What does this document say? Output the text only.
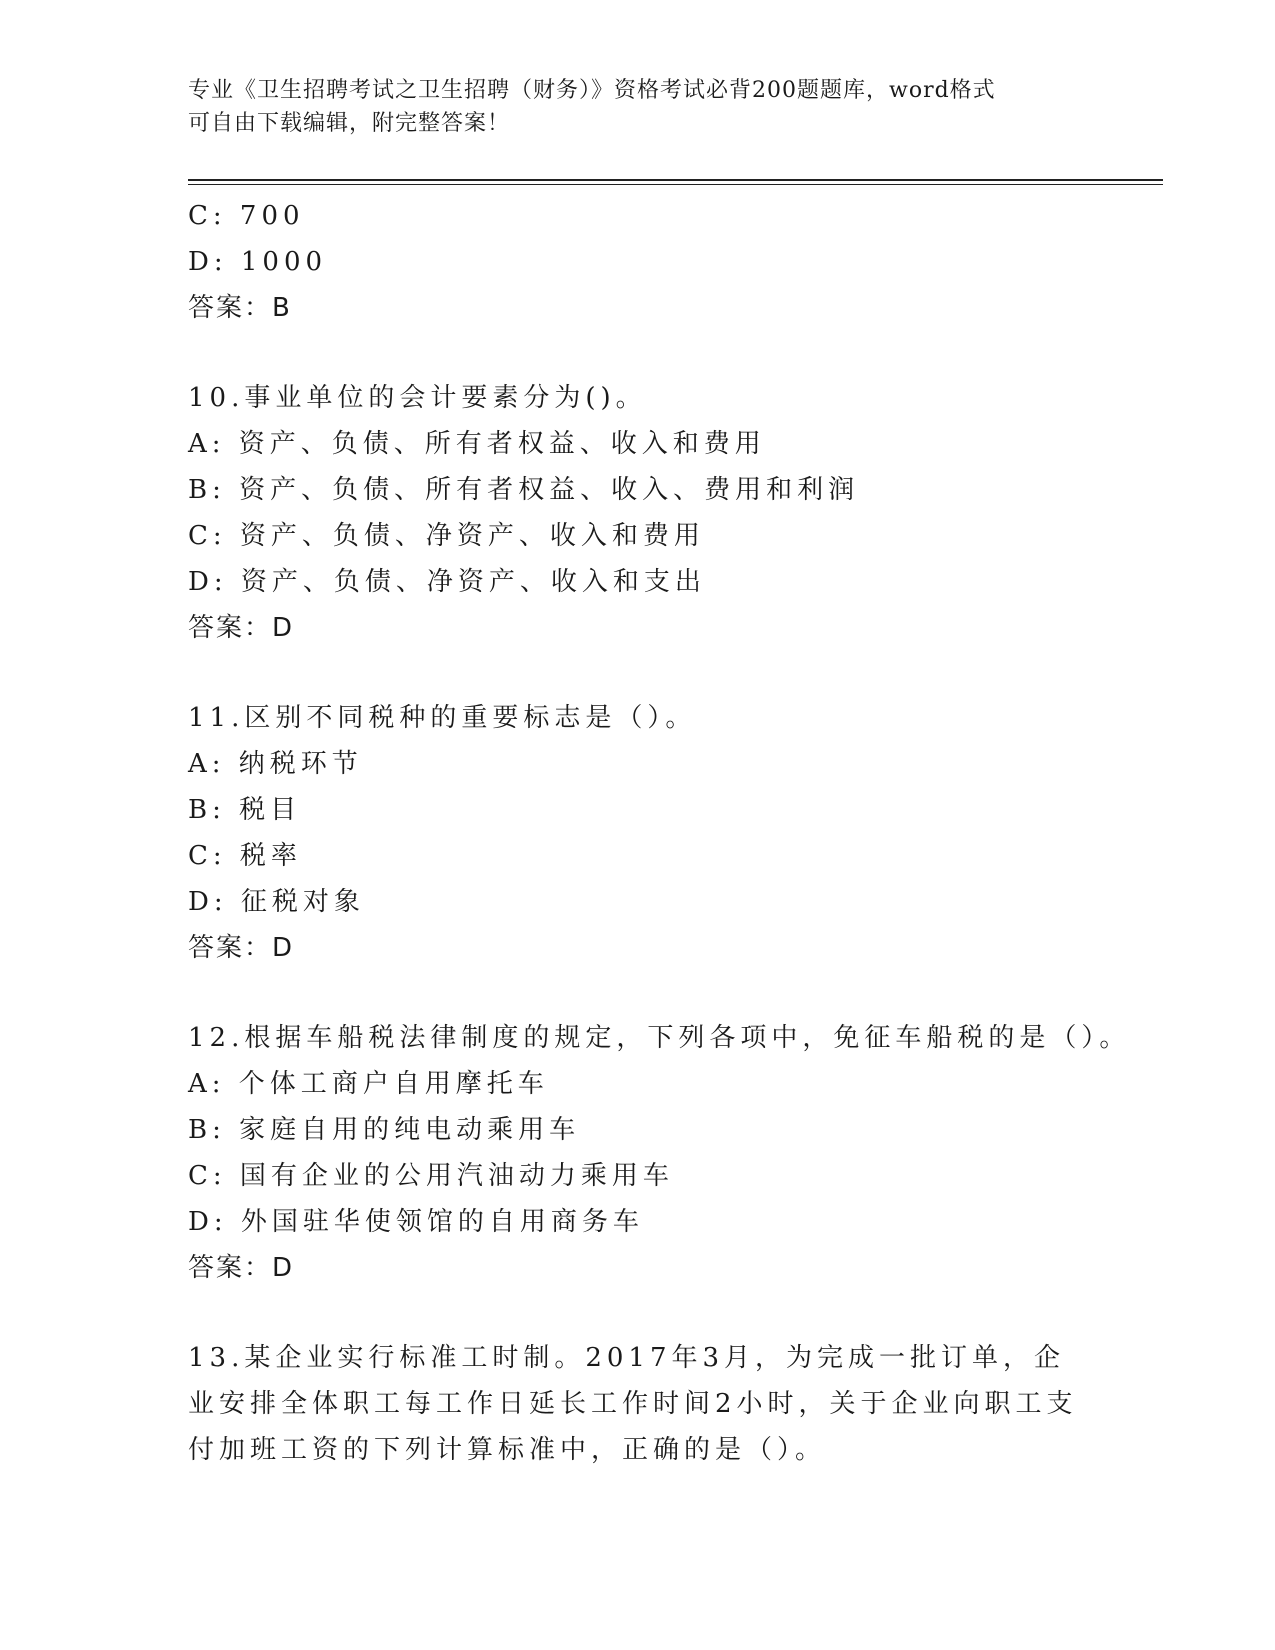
专业《卫生招聘考试之卫生招聘（财务）》资格考试必背200题题库，word格式
可自由下载编辑，附完整答案！
C: 700
D: 1000
答案：B
10.事业单位的会计要素分为()。
A: 资产、负债、所有者权益、收入和费用
B: 资产、负债、所有者权益、收入、费用和利润
C: 资产、负债、净资产、收入和费用
D: 资产、负债、净资产、收入和支出
答案：D
11.区别不同税种的重要标志是（）。
A: 纳税环节
B: 税目
C: 税率
D: 征税对象
答案：D
12.根据车船税法律制度的规定，下列各项中，免征车船税的是（）。
A: 个体工商户自用摩托车
B: 家庭自用的纯电动乘用车
C: 国有企业的公用汽油动力乘用车
D: 外国驻华使领馆的自用商务车
答案：D
13.某企业实行标准工时制。2017年3月，为完成一批订单，企业安排全体职工每工作日延长工作时间2小时，关于企业向职工支付加班工资的下列计算标准中，正确的是（）。
